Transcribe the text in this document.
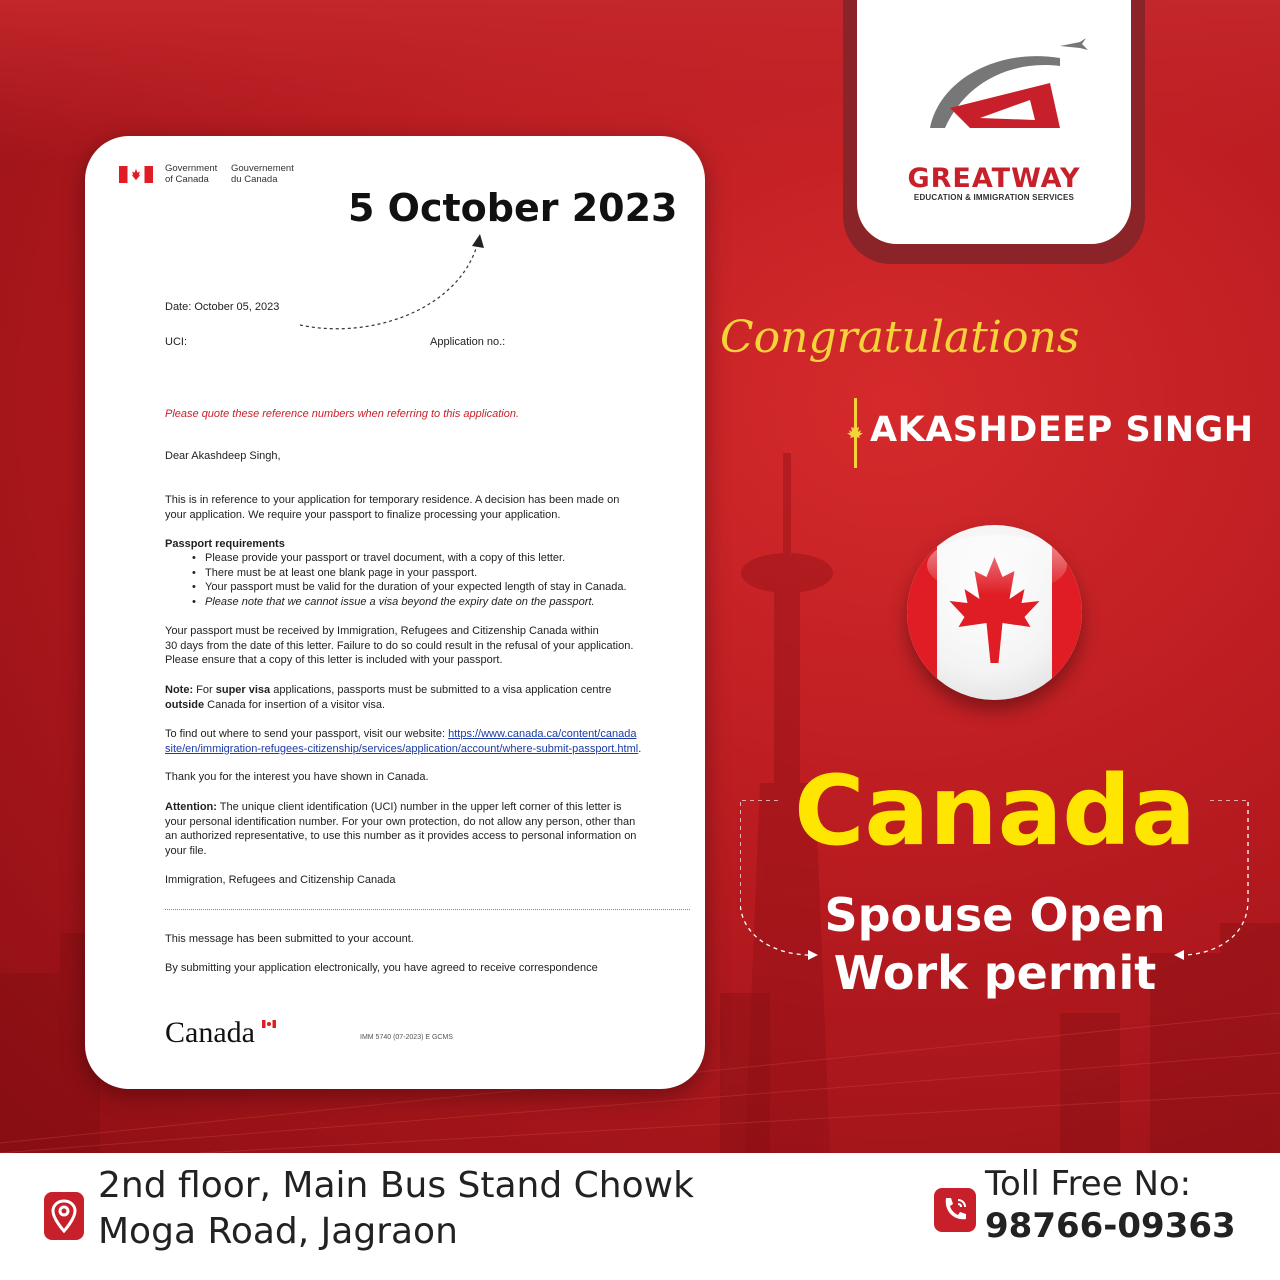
GREATWAY
EDUCATION & IMMIGRATION SERVICES
Government
of Canada
Gouvernement
du Canada
5 October 2023
Date: October 05, 2023
UCI:	Application no.:
Please quote these reference numbers when referring to this application.
Dear Akashdeep Singh,
This is in reference to your application for temporary residence. A decision has been made on
your application. We require your passport to finalize processing your application.
Passport requirements
•   Please provide your passport or travel document, with a copy of this letter.
•   There must be at least one blank page in your passport.
•   Your passport must be valid for the duration of your expected length of stay in Canada.
•   Please note that we cannot issue a visa beyond the expiry date on the passport.
Your passport must be received by Immigration, Refugees and Citizenship Canada within
30 days from the date of this letter. Failure to do so could result in the refusal of your application.
Please ensure that a copy of this letter is included with your passport.
Note: For super visa applications, passports must be submitted to a visa application centre
outside Canada for insertion of a visitor visa.
To find out where to send your passport, visit our website: https://www.canada.ca/content/canada
site/en/immigration-refugees-citizenship/services/application/account/where-submit-passport.html.
Thank you for the interest you have shown in Canada.
Attention: The unique client identification (UCI) number in the upper left corner of this letter is
your personal identification number. For your own protection, do not allow any person, other than
an authorized representative, to use this number as it provides access to personal information on
your file.
Immigration, Refugees and Citizenship Canada
This message has been submitted to your account.
By submitting your application electronically, you have agreed to receive correspondence
Canada	IMM 5740 (07-2023) E GCMS
Congratulations
AKASHDEEP SINGH
Canada
Spouse Open
Work permit
2nd floor, Main Bus Stand Chowk
Moga Road, Jagraon
Toll Free No:
98766-09363
